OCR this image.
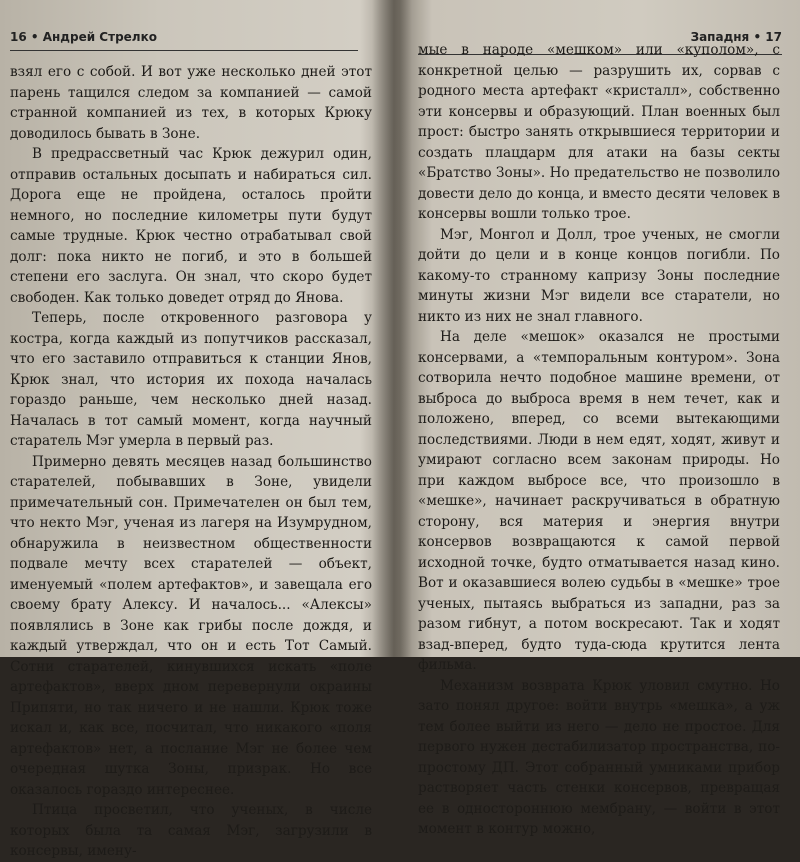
16 • Андрей Стрелко

взял его с собой. И вот уже несколько дней этот парень тащился следом за компанией — самой странной компанией из тех, в которых Крюку доводилось бывать в Зоне.

В предрассветный час Крюк дежурил один, отправив остальных досыпать и набираться сил. Дорога еще не пройдена, осталось пройти немного, но последние километры пути будут самые трудные. Крюк честно отрабатывал свой долг: пока никто не погиб, и это в большей степени его заслуга. Он знал, что скоро будет свободен. Как только доведет отряд до Янова.

Теперь, после откровенного разговора у костра, когда каждый из попутчиков рассказал, что его заставило отправиться к станции Янов, Крюк знал, что история их похода началась гораздо раньше, чем несколько дней назад. Началась в тот самый момент, когда научный старатель Мэг умерла в первый раз.

Примерно девять месяцев назад большинство старателей, побывавших в Зоне, увидели примечательный сон. Примечателен он был тем, что некто Мэг, ученая из лагеря на Изумрудном, обнаружила в неизвестном общественности подвале мечту всех старателей — объект, именуемый «полем артефактов», и завещала его своему брату Алексу. И началось... «Алексы» появлялись в Зоне как грибы после дождя, и каждый утверждал, что он и есть Тот Самый. Сотни старателей, кинувшихся искать «поле артефактов», вверх дном перевернули окраины Припяти, но так ничего и не нашли. Крюк тоже искал и, как все, посчитал, что никакого «поля артефактов» нет, а послание Мэг не более чем очередная шутка Зоны, призрак. Но все оказалось гораздо интереснее.

Птица просветил, что ученых, в числе которых была та самая Мэг, загрузили в консервы, имену-

Западня • 17

мые в народе «мешком» или «куполом», с конкретной целью — разрушить их, сорвав с родного места артефакт «кристалл», собственно эти консервы и образующий. План военных был прост: быстро занять открывшиеся территории и создать плацдарм для атаки на базы секты «Братство Зоны». Но предательство не позволило довести дело до конца, и вместо десяти человек в консервы вошли только трое.

Мэг, Монгол и Долл, трое ученых, не смогли дойти до цели и в конце концов погибли. По какому-то странному капризу Зоны последние минуты жизни Мэг видели все старатели, но никто из них не знал главного.

На деле «мешок» оказался не простыми консервами, а «темпоральным контуром». Зона сотворила нечто подобное машине времени, от выброса до выброса время в нем течет, как и положено, вперед, со всеми вытекающими последствиями. Люди в нем едят, ходят, живут и умирают согласно всем законам природы. Но при каждом выбросе все, что произошло в «мешке», начинает раскручиваться в обратную сторону, вся материя и энергия внутри консервов возвращаются к самой первой исходной точке, будто отматывается назад кино. Вот и оказавшиеся волею судьбы в «мешке» трое ученых, пытаясь выбраться из западни, раз за разом гибнут, а потом воскресают. Так и ходят взад-вперед, будто туда-сюда крутится лента фильма.

Механизм возврата Крюк уловил смутно. Но зато понял другое: войти внутрь «мешка», а уж тем более выйти из него — дело не простое. Для первого нужен дестабилизатор пространства, по-простому ДП. Этот собранный умниками прибор растворяет часть стенки консервов, превращая ее в одностороннюю мембрану, — войти в этот момент в контур можно,
